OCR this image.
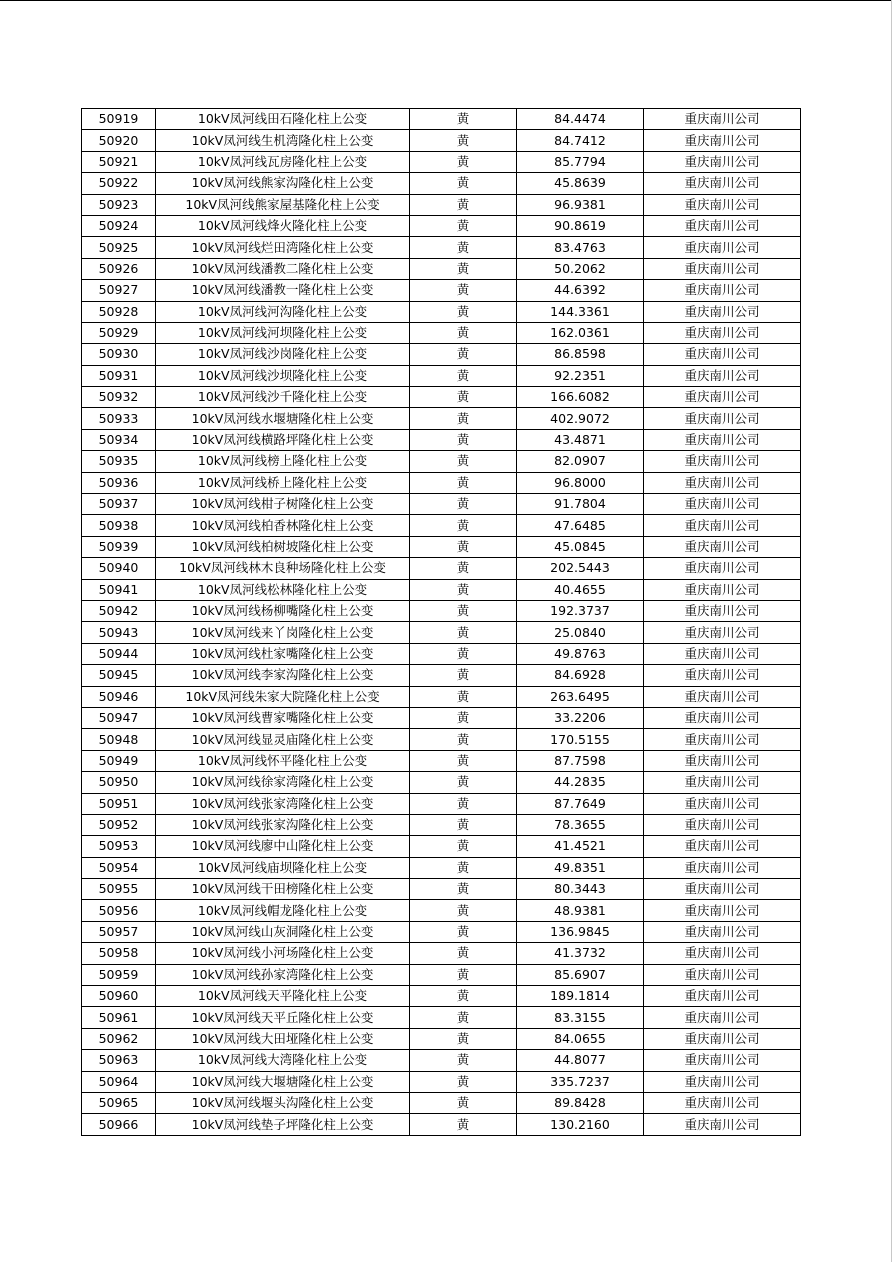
50919	10kV凤河线田石隆化柱上公变	黄	84.4474	重庆南川公司
50920	10kV凤河线生机湾隆化柱上公变	黄	84.7412	重庆南川公司
50921	10kV凤河线瓦房隆化柱上公变	黄	85.7794	重庆南川公司
50922	10kV凤河线熊家沟隆化柱上公变	黄	45.8639	重庆南川公司
50923	10kV凤河线熊家屋基隆化柱上公变	黄	96.9381	重庆南川公司
50924	10kV凤河线烽火隆化柱上公变	黄	90.8619	重庆南川公司
50925	10kV凤河线烂田湾隆化柱上公变	黄	83.4763	重庆南川公司
50926	10kV凤河线潘教二隆化柱上公变	黄	50.2062	重庆南川公司
50927	10kV凤河线潘教一隆化柱上公变	黄	44.6392	重庆南川公司
50928	10kV凤河线河沟隆化柱上公变	黄	144.3361	重庆南川公司
50929	10kV凤河线河坝隆化柱上公变	黄	162.0361	重庆南川公司
50930	10kV凤河线沙岗隆化柱上公变	黄	86.8598	重庆南川公司
50931	10kV凤河线沙坝隆化柱上公变	黄	92.2351	重庆南川公司
50932	10kV凤河线沙千隆化柱上公变	黄	166.6082	重庆南川公司
50933	10kV凤河线水堰塘隆化柱上公变	黄	402.9072	重庆南川公司
50934	10kV凤河线横路坪隆化柱上公变	黄	43.4871	重庆南川公司
50935	10kV凤河线榜上隆化柱上公变	黄	82.0907	重庆南川公司
50936	10kV凤河线桥上隆化柱上公变	黄	96.8000	重庆南川公司
50937	10kV凤河线柑子树隆化柱上公变	黄	91.7804	重庆南川公司
50938	10kV凤河线柏香林隆化柱上公变	黄	47.6485	重庆南川公司
50939	10kV凤河线柏树坡隆化柱上公变	黄	45.0845	重庆南川公司
50940	10kV凤河线林木良种场隆化柱上公变	黄	202.5443	重庆南川公司
50941	10kV凤河线松林隆化柱上公变	黄	40.4655	重庆南川公司
50942	10kV凤河线杨柳嘴隆化柱上公变	黄	192.3737	重庆南川公司
50943	10kV凤河线来丫岗隆化柱上公变	黄	25.0840	重庆南川公司
50944	10kV凤河线杜家嘴隆化柱上公变	黄	49.8763	重庆南川公司
50945	10kV凤河线李家沟隆化柱上公变	黄	84.6928	重庆南川公司
50946	10kV凤河线朱家大院隆化柱上公变	黄	263.6495	重庆南川公司
50947	10kV凤河线曹家嘴隆化柱上公变	黄	33.2206	重庆南川公司
50948	10kV凤河线显灵庙隆化柱上公变	黄	170.5155	重庆南川公司
50949	10kV凤河线怀平隆化柱上公变	黄	87.7598	重庆南川公司
50950	10kV凤河线徐家湾隆化柱上公变	黄	44.2835	重庆南川公司
50951	10kV凤河线张家湾隆化柱上公变	黄	87.7649	重庆南川公司
50952	10kV凤河线张家沟隆化柱上公变	黄	78.3655	重庆南川公司
50953	10kV凤河线廖中山隆化柱上公变	黄	41.4521	重庆南川公司
50954	10kV凤河线庙坝隆化柱上公变	黄	49.8351	重庆南川公司
50955	10kV凤河线干田榜隆化柱上公变	黄	80.3443	重庆南川公司
50956	10kV凤河线帽龙隆化柱上公变	黄	48.9381	重庆南川公司
50957	10kV凤河线山灰洞隆化柱上公变	黄	136.9845	重庆南川公司
50958	10kV凤河线小河场隆化柱上公变	黄	41.3732	重庆南川公司
50959	10kV凤河线孙家湾隆化柱上公变	黄	85.6907	重庆南川公司
50960	10kV凤河线天平隆化柱上公变	黄	189.1814	重庆南川公司
50961	10kV凤河线天平丘隆化柱上公变	黄	83.3155	重庆南川公司
50962	10kV凤河线大田垭隆化柱上公变	黄	84.0655	重庆南川公司
50963	10kV凤河线大湾隆化柱上公变	黄	44.8077	重庆南川公司
50964	10kV凤河线大堰塘隆化柱上公变	黄	335.7237	重庆南川公司
50965	10kV凤河线堰头沟隆化柱上公变	黄	89.8428	重庆南川公司
50966	10kV凤河线垫子坪隆化柱上公变	黄	130.2160	重庆南川公司
